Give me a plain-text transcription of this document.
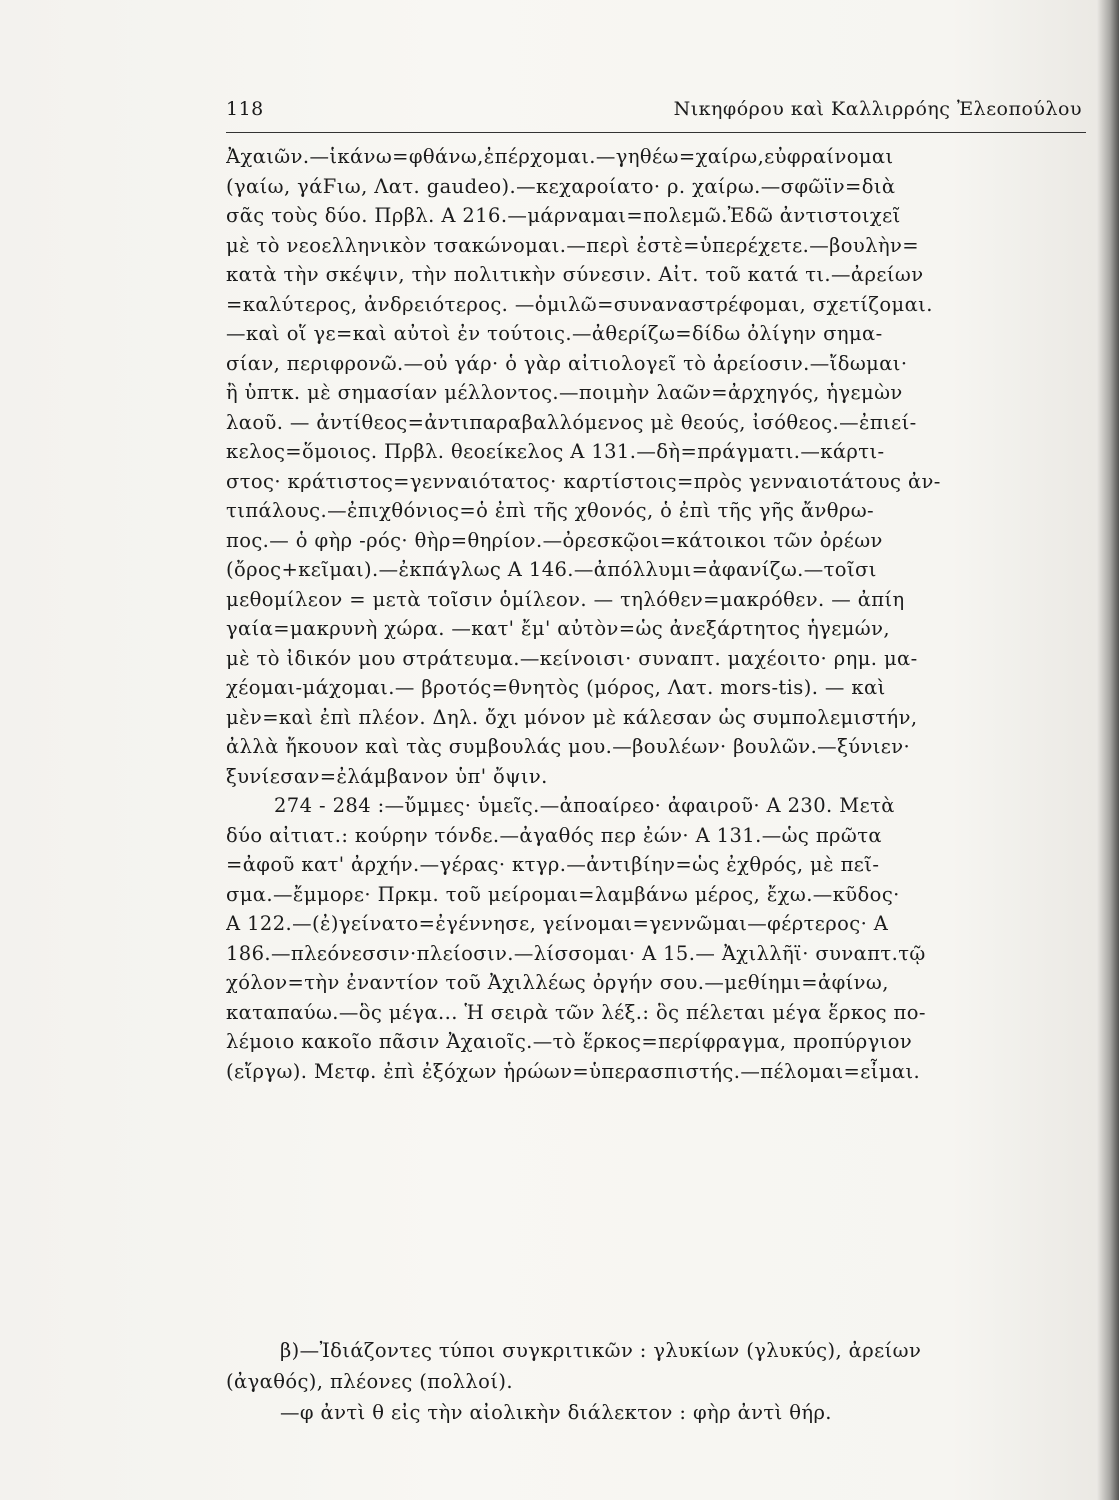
118	Νικηφόρου καὶ Καλλιρρόης Ἐλεοπούλου
Ἀχαιῶν.—ἱκάνω=φθάνω,ἐπέρχομαι.—γηθέω=χαίρω,εὐφραίνομαι
(γαίω, γάϜιω, Λατ. gaudeo).—κεχαροίατο· ρ. χαίρω.—σφῶϊν=διὰ
σᾶς τοὺς δύο. Πρβλ. Α 216.—μάρναμαι=πολεμῶ.Ἐδῶ ἀντιστοιχεῖ
μὲ τὸ νεοελληνικὸν τσακώνομαι.—περὶ ἐστὲ=ὑπερέχετε.—βουλὴν=
κατὰ τὴν σκέψιν, τὴν πολιτικὴν σύνεσιν. Αἰτ. τοῦ κατά τι.—ἀρείων
=καλύτερος, ἀνδρειότερος. —ὁμιλῶ=συναναστρέφομαι, σχετίζομαι.
—καὶ οἵ γε=καὶ αὐτοὶ ἐν τούτοις.—ἀθερίζω=δίδω ὀλίγην σημα-
σίαν, περιφρονῶ.—οὐ γάρ· ὁ γὰρ αἰτιολογεῖ τὸ ἀρείοσιν.—ἴδωμαι·
ἢ ὑπτκ. μὲ σημασίαν μέλλοντος.—ποιμὴν λαῶν=ἀρχηγός, ἡγεμὼν
λαοῦ. — ἀντίθεος=ἀντιπαραβαλλόμενος μὲ θεούς, ἰσόθεος.—ἐπιεί-
κελος=ὅμοιος. Πρβλ. θεοείκελος Α 131.—δὴ=πράγματι.—κάρτι-
στος· κράτιστος=γενναιότατος· καρτίστοις=πρὸς γενναιοτάτους ἀν-
τιπάλους.—ἐπιχθόνιος=ὁ ἐπὶ τῆς χθονός, ὁ ἐπὶ τῆς γῆς ἄνθρω-
πος.— ὁ φὴρ -ρός· θὴρ=θηρίον.—ὀρεσκῷοι=κάτοικοι τῶν ὀρέων
(ὄρος+κεῖμαι).—ἐκπάγλως Α 146.—ἀπόλλυμι=ἀφανίζω.—τοῖσι
μεθομίλεον = μετὰ τοῖσιν ὁμίλεον. — τηλόθεν=μακρόθεν. — ἀπίη
γαία=μακρυνὴ χώρα. —κατ' ἔμ' αὐτὸν=ὡς ἀνεξάρτητος ἡγεμών,
μὲ τὸ ἰδικόν μου στράτευμα.—κείνοισι· συναπτ. μαχέοιτο· ρημ. μα-
χέομαι-μάχομαι.— βροτός=θνητὸς (μόρος, Λατ. mors-tis). — καὶ
μὲν=καὶ ἐπὶ πλέον. Δηλ. ὄχι μόνον μὲ κάλεσαν ὡς συμπολεμιστήν,
ἀλλὰ ἤκουον καὶ τὰς συμβουλάς μου.—βουλέων· βουλῶν.—ξύνιεν·
ξυνίεσαν=ἐλάμβανον ὑπ' ὄψιν.
274 - 284 :—ὔμμες· ὑμεῖς.—ἀποαίρεο· ἀφαιροῦ· Α 230. Μετὰ
δύο αἰτιατ.: κούρην τόνδε.—ἀγαθός περ ἐών· Α 131.—ὡς πρῶτα
=ἀφοῦ κατ' ἀρχήν.—γέρας· κτγρ.—ἀντιβίην=ὡς ἐχθρός, μὲ πεῖ-
σμα.—ἔμμορε· Πρκμ. τοῦ μείρομαι=λαμβάνω μέρος, ἔχω.—κῦδος·
Α 122.—(ἐ)γείνατο=ἐγέννησε, γείνομαι=γεννῶμαι—φέρτερος· Α
186.—πλεόνεσσιν·πλείοσιν.—λίσσομαι· Α 15.— Ἀχιλλῆϊ· συναπτ.τῷ
χόλον=τὴν ἐναντίον τοῦ Ἀχιλλέως ὀργήν σου.—μεθίημι=ἀφίνω,
καταπαύω.—ὃς μέγα... Ἡ σειρὰ τῶν λέξ.: ὃς πέλεται μέγα ἕρκος πο-
λέμοιο κακοῖο πᾶσιν Ἀχαιοῖς.—τὸ ἕρκος=περίφραγμα, προπύργιον
(εἴργω). Μετφ. ἐπὶ ἐξόχων ἡρώων=ὑπερασπιστής.—πέλομαι=εἶμαι.
β)—Ἰδιάζοντες τύποι συγκριτικῶν : γλυκίων (γλυκύς), ἀρείων
(ἀγαθός), πλέονες (πολλοί).
—φ ἀντὶ θ εἰς τὴν αἰολικὴν διάλεκτον : φὴρ ἀντὶ θήρ.
